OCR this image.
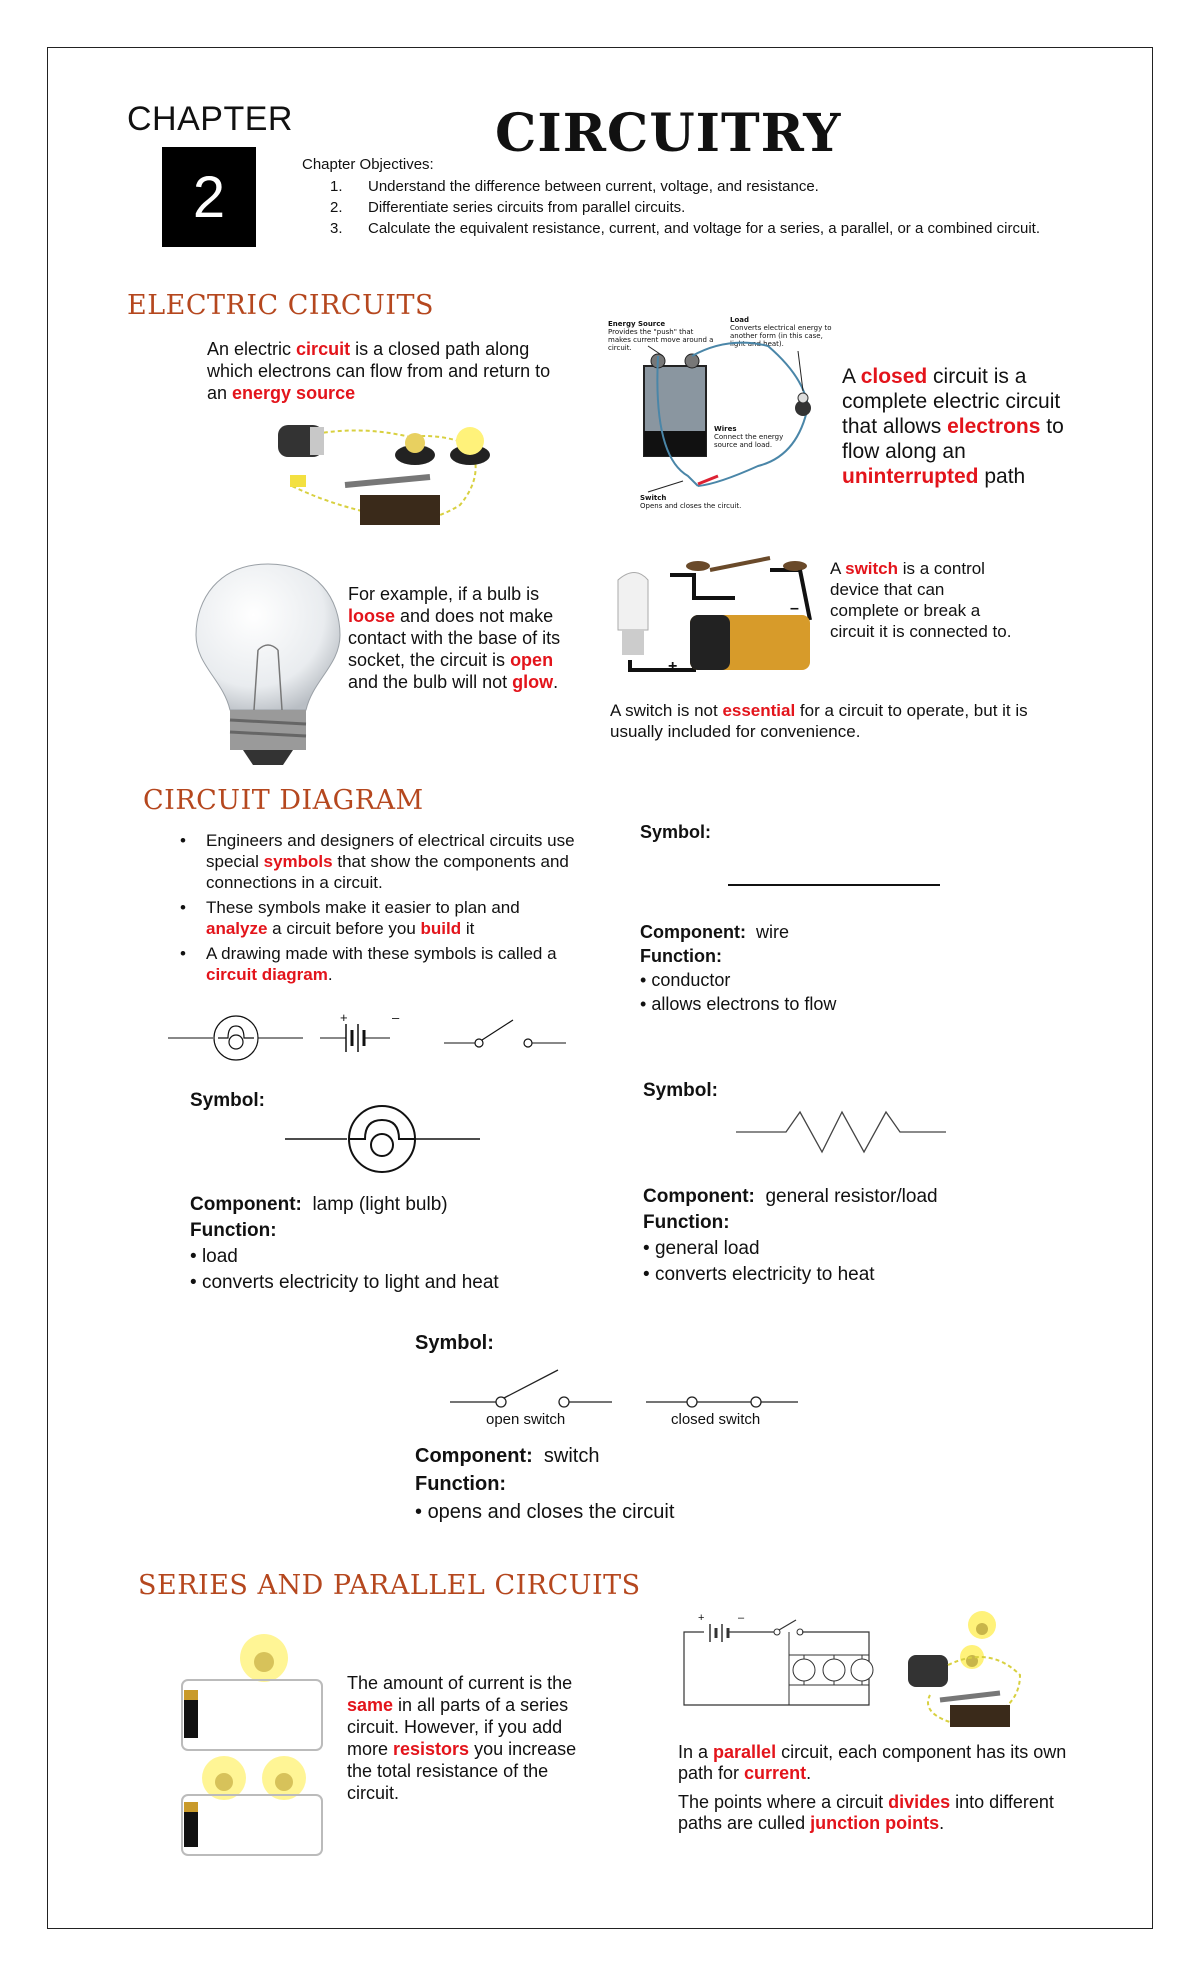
CHAPTER
2
CIRCUITRY
Chapter Objectives:
1.	Understand the difference between current, voltage, and resistance.
2.	Differentiate series circuits from parallel circuits.
3.	Calculate the equivalent resistance, current, and voltage for a series, a parallel, or a combined circuit.
ELECTRIC CIRCUITS
An electric circuit is a closed path along which electrons can flow from and return to an energy source
Energy Source
Provides the "push" that makes current move around a circuit.
Load
Converts electrical energy to another form (in this case, light and heat).
Wires
Connect the energy source and load.
Switch
Opens and closes the circuit.
A closed circuit is a complete electric circuit that allows electrons to flow along an uninterrupted path
For example, if a bulb is loose and does not make contact with the base of its socket, the circuit is open and the bulb will not glow.
+
–
A switch is a control device that can complete or break a circuit it is connected to.
A switch is not essential for a circuit to operate, but it is usually included for convenience.
CIRCUIT DIAGRAM
• Engineers and designers of electrical circuits use special symbols that show the components and connections in a circuit.
• These symbols make it easier to plan and analyze a circuit before you build it
• A drawing made with these symbols is called a circuit diagram.
+	–
Symbol:
Component: wire
Function:
• conductor
• allows electrons to flow
Symbol:
Component: lamp (light bulb)
Function:
• load
• converts electricity to light and heat
Symbol:
Component: general resistor/load
Function:
• general load
• converts electricity to heat
Symbol:
open switch	closed switch
Component: switch
Function:
• opens and closes the circuit
SERIES AND PARALLEL CIRCUITS
The amount of current is the same in all parts of a series circuit. However, if you add more resistors you increase the total resistance of the circuit.
+	–
In a parallel circuit, each component has its own path for current.
The points where a circuit divides into different paths are culled junction points.
